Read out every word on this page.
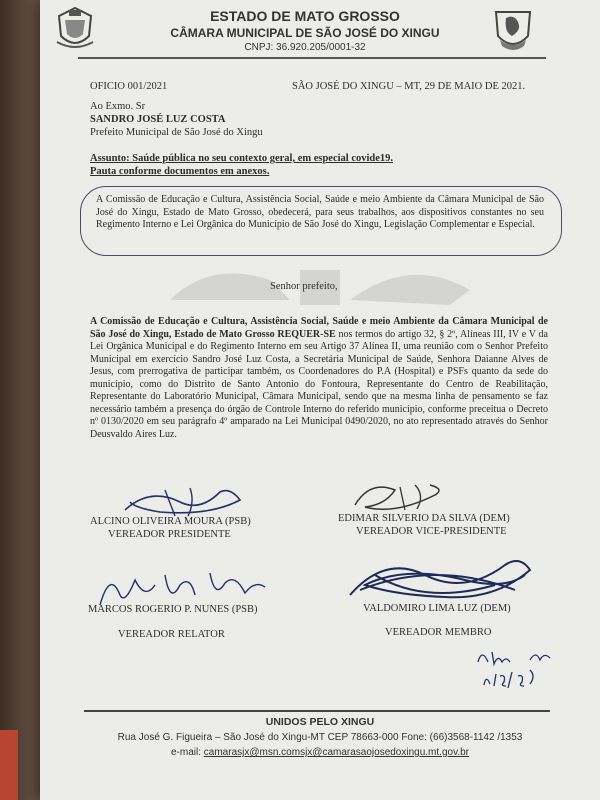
ESTADO DE MATO GROSSO
CÂMARA MUNICIPAL DE SÃO JOSÉ DO XINGU
CNPJ: 36.920.205/0001-32
OFICIO 001/2021	SÃO JOSÉ DO XINGU – MT, 29 DE MAIO DE 2021.
Ao Exmo. Sr
SANDRO JOSÉ LUZ COSTA
Prefeito Municipal de São José do Xingu
Assunto: Saúde pública no seu contexto geral, em especial covide19.
Pauta conforme documentos em anexos.
A Comissão de Educação e Cultura, Assistência Social, Saúde e meio Ambiente da Câmara Municipal de São José do Xingu, Estado de Mato Grosso, obedecerá, para seus trabalhos, aos dispositivos constantes no seu Regimento Interno e Lei Orgânica do Município de São José do Xingu, Legislação Complementar e Especial.
Senhor prefeito,
A Comissão de Educação e Cultura, Assistência Social, Saúde e meio Ambiente da Câmara Municipal de São José do Xingu, Estado de Mato Grosso REQUER-SE nos termos do artigo 32, § 2º, Alíneas III, IV e V da Lei Orgânica Municipal e do Regimento Interno em seu Artigo 37 Alínea II, uma reunião com o Senhor Prefeito Municipal em exercício Sandro José Luz Costa, a Secretária Municipal de Saúde, Senhora Daianne Alves de Jesus, com prerrogativa de participar também, os Coordenadores do P.A (Hospital) e PSFs quanto da sede do município, como do Distrito de Santo Antonio do Fontoura, Representante do Centro de Reabilitação, Representante do Laboratório Municipal, Câmara Municipal, sendo que na mesma linha de pensamento se faz necessário também a presença do órgão de Controle Interno do referido município, conforme preceitua o Decreto nº 0130/2020 em seu parágrafo 4º amparado na Lei Municipal 0490/2020, no ato representado através do Senhor Deusvaldo Aires Luz.
ALCINO OLIVEIRA MOURA (PSB)
VEREADOR PRESIDENTE
EDIMAR SILVERIO DA SILVA (DEM)
VEREADOR VICE-PRESIDENTE
MARCOS ROGERIO P. NUNES (PSB)
VEREADOR RELATOR
VALDOMIRO LIMA LUZ (DEM)
VEREADOR MEMBRO
UNIDOS PELO XINGU
Rua José G. Figueira – São José do Xingu-MT CEP 78663-000 Fone: (66)3568-1142 /1353
e-mail: camarasjx@msn.comsjx@camarasaojosedoxingu.mt.gov.br
